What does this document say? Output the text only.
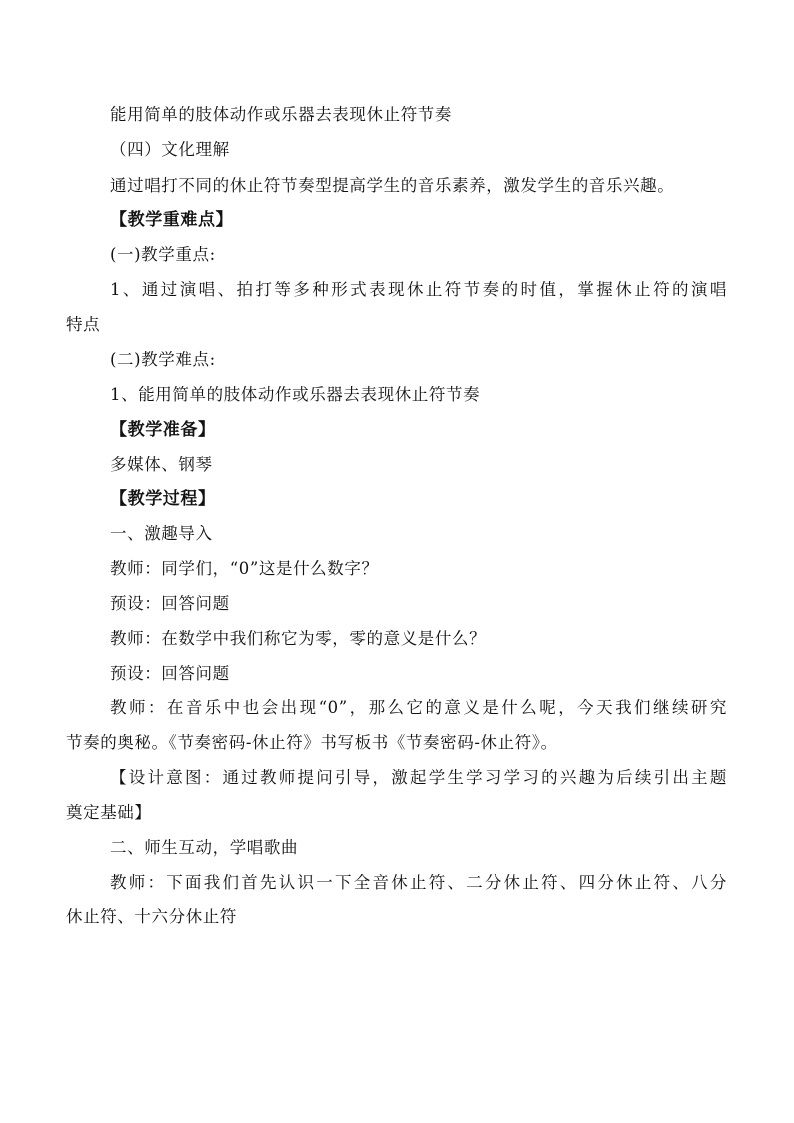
能用简单的肢体动作或乐器去表现休止符节奏
（四）文化理解
通过唱打不同的休止符节奏型提高学生的音乐素养，激发学生的音乐兴趣。
【教学重难点】
(一)教学重点:
1、通过演唱、拍打等多种形式表现休止符节奏的时值，掌握休止符的演唱
特点
(二)教学难点:
1、能用简单的肢体动作或乐器去表现休止符节奏
【教学准备】
多媒体、钢琴
【教学过程】
一、激趣导入
教师：同学们，“0”这是什么数字？
预设：回答问题
教师：在数学中我们称它为零，零的意义是什么？
预设：回答问题
教师：在音乐中也会出现“0”，那么它的意义是什么呢，今天我们继续研究
节奏的奥秘。《节奏密码-休止符》书写板书《节奏密码-休止符》。
【设计意图：通过教师提问引导，激起学生学习学习的兴趣为后续引出主题
奠定基础】
二、师生互动，学唱歌曲
教师：下面我们首先认识一下全音休止符、二分休止符、四分休止符、八分
休止符、十六分休止符
